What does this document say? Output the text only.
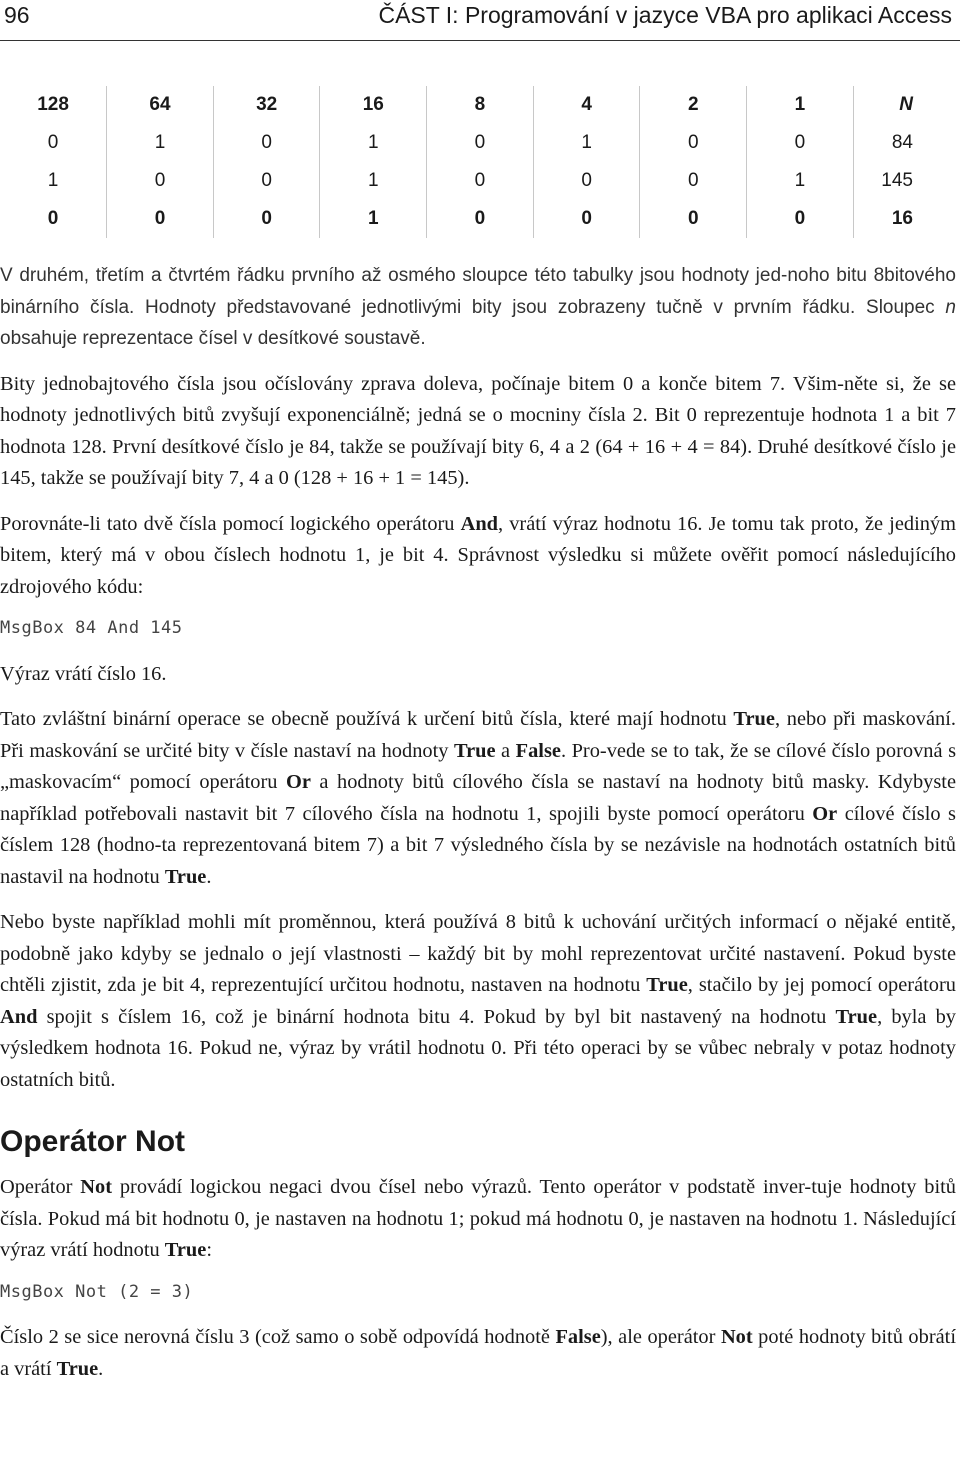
96	ČÁST I: Programování v jazyce VBA pro aplikaci Access
128	64	32	16	8	4	2	1	N
0	1	0	1	0	1	0	0	84
1	0	0	1	0	0	0	1	145
0	0	0	1	0	0	0	0	16

V druhém, třetím a čtvrtém řádku prvního až osmého sloupce této tabulky jsou hodnoty jed-noho bitu 8bitového binárního čísla. Hodnoty představované jednotlivými bity jsou zobrazeny tučně v prvním řádku. Sloupec n obsahuje reprezentace čísel v desítkové soustavě.

Bity jednobajtového čísla jsou očíslovány zprava doleva, počínaje bitem 0 a konče bitem 7. Všim-něte si, že se hodnoty jednotlivých bitů zvyšují exponenciálně; jedná se o mocniny čísla 2. Bit 0 reprezentuje hodnota 1 a bit 7 hodnota 128. První desítkové číslo je 84, takže se používají bity 6, 4 a 2 (64 + 16 + 4 = 84). Druhé desítkové číslo je 145, takže se používají bity 7, 4 a 0 (128 + 16 + 1 = 145).

Porovnáte-li tato dvě čísla pomocí logického operátoru And, vrátí výraz hodnotu 16. Je tomu tak proto, že jediným bitem, který má v obou číslech hodnotu 1, je bit 4. Správnost výsledku si můžete ověřit pomocí následujícího zdrojového kódu:

MsgBox 84 And 145

Výraz vrátí číslo 16.

Tato zvláštní binární operace se obecně používá k určení bitů čísla, které mají hodnotu True, nebo při maskování. Při maskování se určité bity v čísle nastaví na hodnoty True a False. Pro-vede se to tak, že se cílové číslo porovná s „maskovacím“ pomocí operátoru Or a hodnoty bitů cílového čísla se nastaví na hodnoty bitů masky. Kdybyste například potřebovali nastavit bit 7 cílového čísla na hodnotu 1, spojili byste pomocí operátoru Or cílové číslo s číslem 128 (hodno-ta reprezentovaná bitem 7) a bit 7 výsledného čísla by se nezávisle na hodnotách ostatních bitů nastavil na hodnotu True.

Nebo byste například mohli mít proměnnou, která používá 8 bitů k uchování určitých informací o nějaké entitě, podobně jako kdyby se jednalo o její vlastnosti – každý bit by mohl reprezentovat určité nastavení. Pokud byste chtěli zjistit, zda je bit 4, reprezentující určitou hodnotu, nastaven na hodnotu True, stačilo by jej pomocí operátoru And spojit s číslem 16, což je binární hodnota bitu 4. Pokud by byl bit nastavený na hodnotu True, byla by výsledkem hodnota 16. Pokud ne, výraz by vrátil hodnotu 0. Při této operaci by se vůbec nebraly v potaz hodnoty ostatních bitů.

Operátor Not

Operátor Not provádí logickou negaci dvou čísel nebo výrazů. Tento operátor v podstatě inver-tuje hodnoty bitů čísla. Pokud má bit hodnotu 0, je nastaven na hodnotu 1; pokud má hodnotu 0, je nastaven na hodnotu 1. Následující výraz vrátí hodnotu True:

MsgBox Not (2 = 3)

Číslo 2 se sice nerovná číslu 3 (což samo o sobě odpovídá hodnotě False), ale operátor Not poté hodnoty bitů obrátí a vrátí True.
